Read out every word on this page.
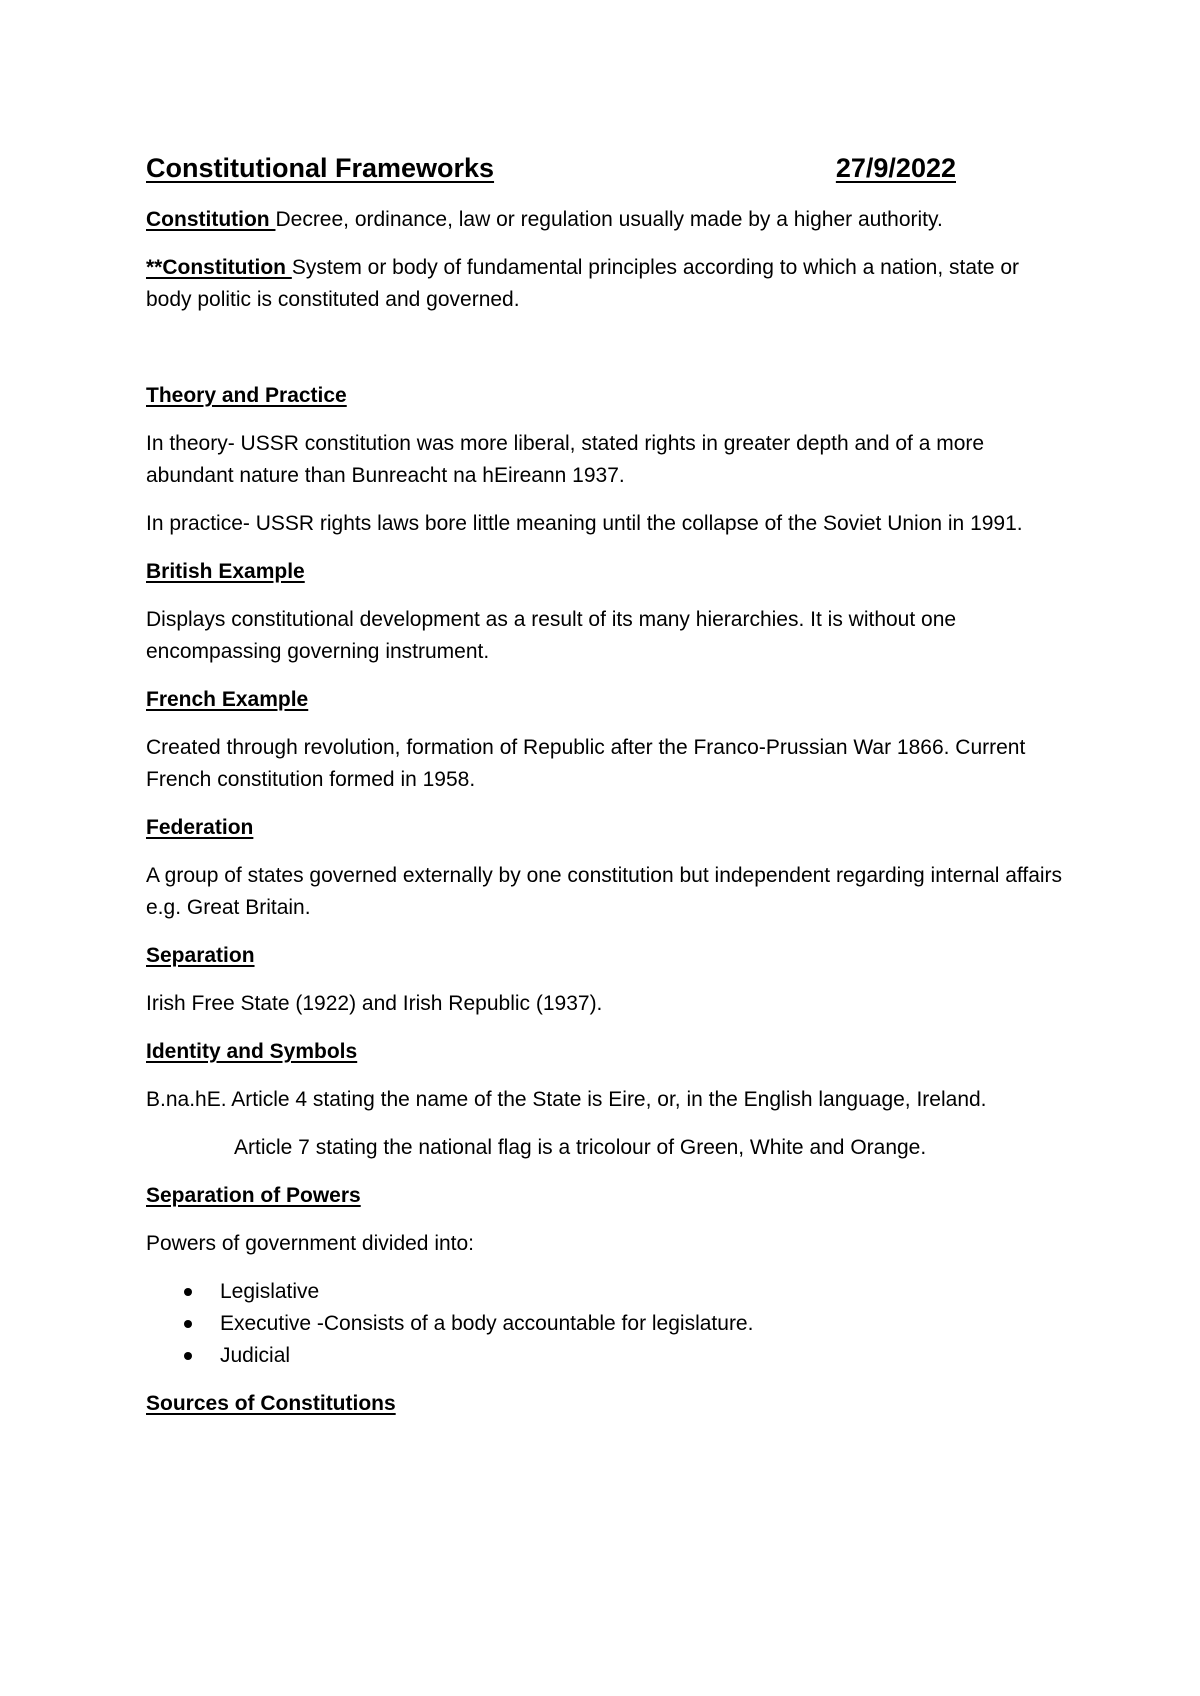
Constitutional Frameworks	27/9/2022

Constitution Decree, ordinance, law or regulation usually made by a higher authority.

**Constitution System or body of fundamental principles according to which a nation, state or body politic is constituted and governed.

Theory and Practice

In theory- USSR constitution was more liberal, stated rights in greater depth and of a more abundant nature than Bunreacht na hEireann 1937.

In practice- USSR rights laws bore little meaning until the collapse of the Soviet Union in 1991.

British Example

Displays constitutional development as a result of its many hierarchies. It is without one encompassing governing instrument.

French Example

Created through revolution, formation of Republic after the Franco-Prussian War 1866. Current French constitution formed in 1958.

Federation

A group of states governed externally by one constitution but independent regarding internal affairs e.g. Great Britain.

Separation

Irish Free State (1922) and Irish Republic (1937).

Identity and Symbols

B.na.hE. Article 4 stating the name of the State is Eire, or, in the English language, Ireland.

Article 7 stating the national flag is a tricolour of Green, White and Orange.

Separation of Powers

Powers of government divided into:

Legislative
Executive -Consists of a body accountable for legislature.
Judicial
Sources of Constitutions
